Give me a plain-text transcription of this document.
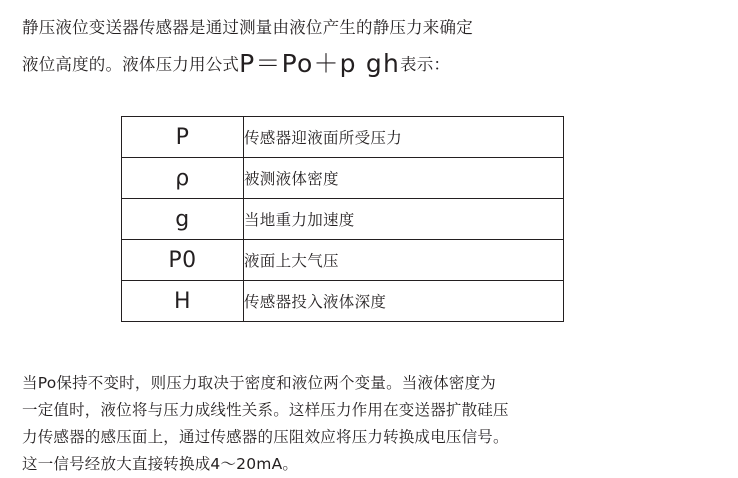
静压液位变送器传感器是通过测量由液位产生的静压力来确定
液位高度的。液体压力用公式P＝Po＋p gh表示：
P	传感器迎液面所受压力
ρ	被测液体密度
g	当地重力加速度
P0	液面上大气压
H	传感器投入液体深度
当Po保持不变时，则压力取决于密度和液位两个变量。当液体密度为
一定值时，液位将与压力成线性关系。这样压力作用在变送器扩散硅压
力传感器的感压面上，通过传感器的压阻效应将压力转换成电压信号。
这一信号经放大直接转换成4～20mA。
